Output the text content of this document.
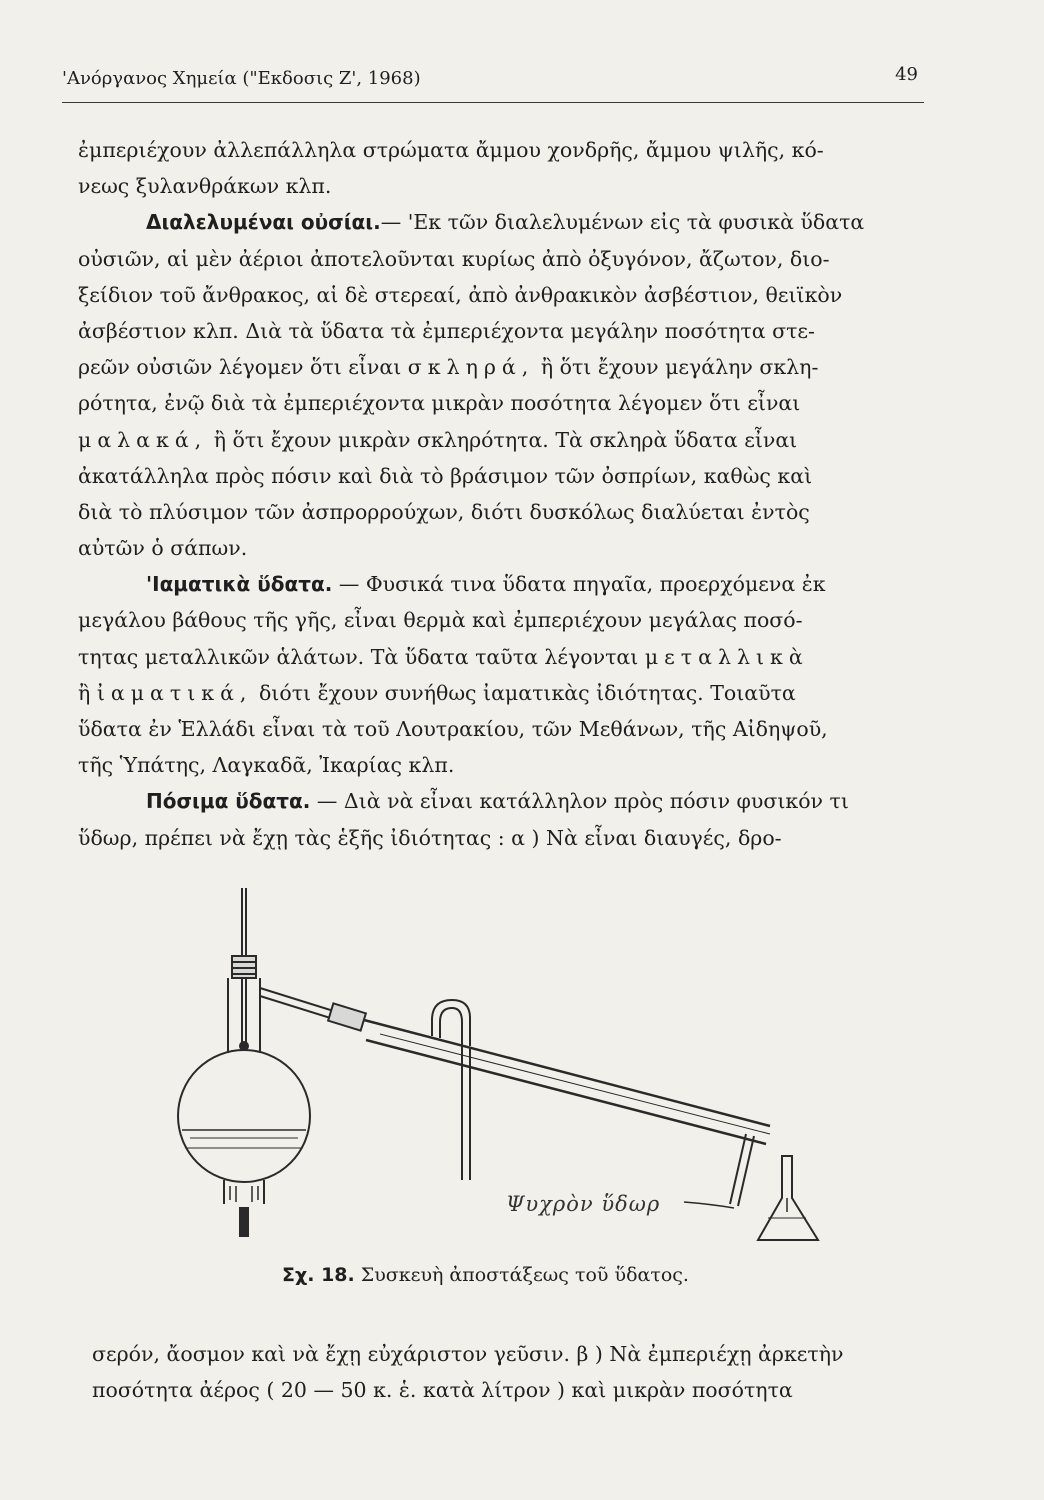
'Ανόργανος Χημεία ("Εκδοσις Ζ', 1968)	49
ἐμπεριέχουν ἀλλεπάλληλα στρώματα ἄμμου χονδρῆς, ἄμμου ψιλῆς, κό-
νεως ξυλανθράκων κλπ.
Διαλελυμέναι οὐσίαι.— 'Εκ τῶν διαλελυμένων εἰς τὰ φυσικὰ ὕδατα
οὐσιῶν, αἱ μὲν ἀέριοι ἀποτελοῦνται κυρίως ἀπὸ ὀξυγόνον, ἄζωτον, διο-
ξείδιον τοῦ ἄνθρακος, αἱ δὲ στερεαί, ἀπὸ ἀνθρακικὸν ἀσβέστιον, θειϊκὸν
ἀσβέστιον κλπ. Διὰ τὰ ὕδατα τὰ ἐμπεριέχοντα μεγάλην ποσότητα στε-
ρεῶν οὐσιῶν λέγομεν ὅτι εἶναι σκληρά, ἢ ὅτι ἔχουν μεγάλην σκλη-
ρότητα, ἐνῷ διὰ τὰ ἐμπεριέχοντα μικρὰν ποσότητα λέγομεν ὅτι εἶναι
μαλακά, ἢ ὅτι ἔχουν μικρὰν σκληρότητα. Τὰ σκληρὰ ὕδατα εἶναι
ἀκατάλληλα πρὸς πόσιν καὶ διὰ τὸ βράσιμον τῶν ὀσπρίων, καθὼς καὶ
διὰ τὸ πλύσιμον τῶν ἀσπρορρούχων, διότι δυσκόλως διαλύεται ἐντὸς
αὐτῶν ὁ σάπων.
'Ιαματικὰ ὕδατα. — Φυσικά τινα ὕδατα πηγαῖα, προερχόμενα ἐκ
μεγάλου βάθους τῆς γῆς, εἶναι θερμὰ καὶ ἐμπεριέχουν μεγάλας ποσό-
τητας μεταλλικῶν ἁλάτων. Τὰ ὕδατα ταῦτα λέγονται μεταλλικὰ
ἢ ἰαματικά, διότι ἔχουν συνήθως ἰαματικὰς ἰδιότητας. Τοιαῦτα
ὕδατα ἐν Ἑλλάδι εἶναι τὰ τοῦ Λουτρακίου, τῶν Μεθάνων, τῆς Αἰδηψοῦ,
τῆς Ὑπάτης, Λαγκαδᾶ, Ἰκαρίας κλπ.
Πόσιμα ὕδατα. — Διὰ νὰ εἶναι κατάλληλον πρὸς πόσιν φυσικόν τι
ὕδωρ, πρέπει νὰ ἔχῃ τὰς ἑξῆς ἰδιότητας : α ) Νὰ εἶναι διαυγές, δρο-
Ψυχρὸν ὕδωρ
Σχ. 18. Συσκευὴ ἀποστάξεως τοῦ ὕδατος.
σερόν, ἄοσμον καὶ νὰ ἔχῃ εὐχάριστον γεῦσιν. β ) Νὰ ἐμπεριέχῃ ἀρκετὴν
ποσότητα ἀέρος ( 20 — 50 κ. ἑ. κατὰ λίτρον ) καὶ μικρὰν ποσότητα
